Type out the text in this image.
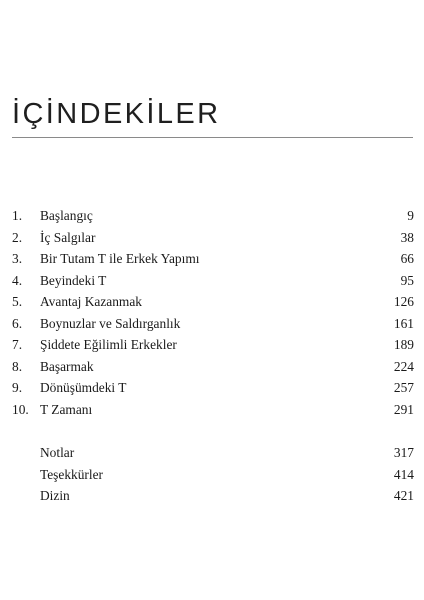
İÇİNDEKİLER
1. Başlangıç	9
2. İç Salgılar	38
3. Bir Tutam T ile Erkek Yapımı	66
4. Beyindeki T	95
5. Avantaj Kazanmak	126
6. Boynuzlar ve Saldırganlık	161
7. Şiddete Eğilimli Erkekler	189
8. Başarmak	224
9. Dönüşümdeki T	257
10. T Zamanı	291
Notlar	317
Teşekkürler	414
Dizin	421
